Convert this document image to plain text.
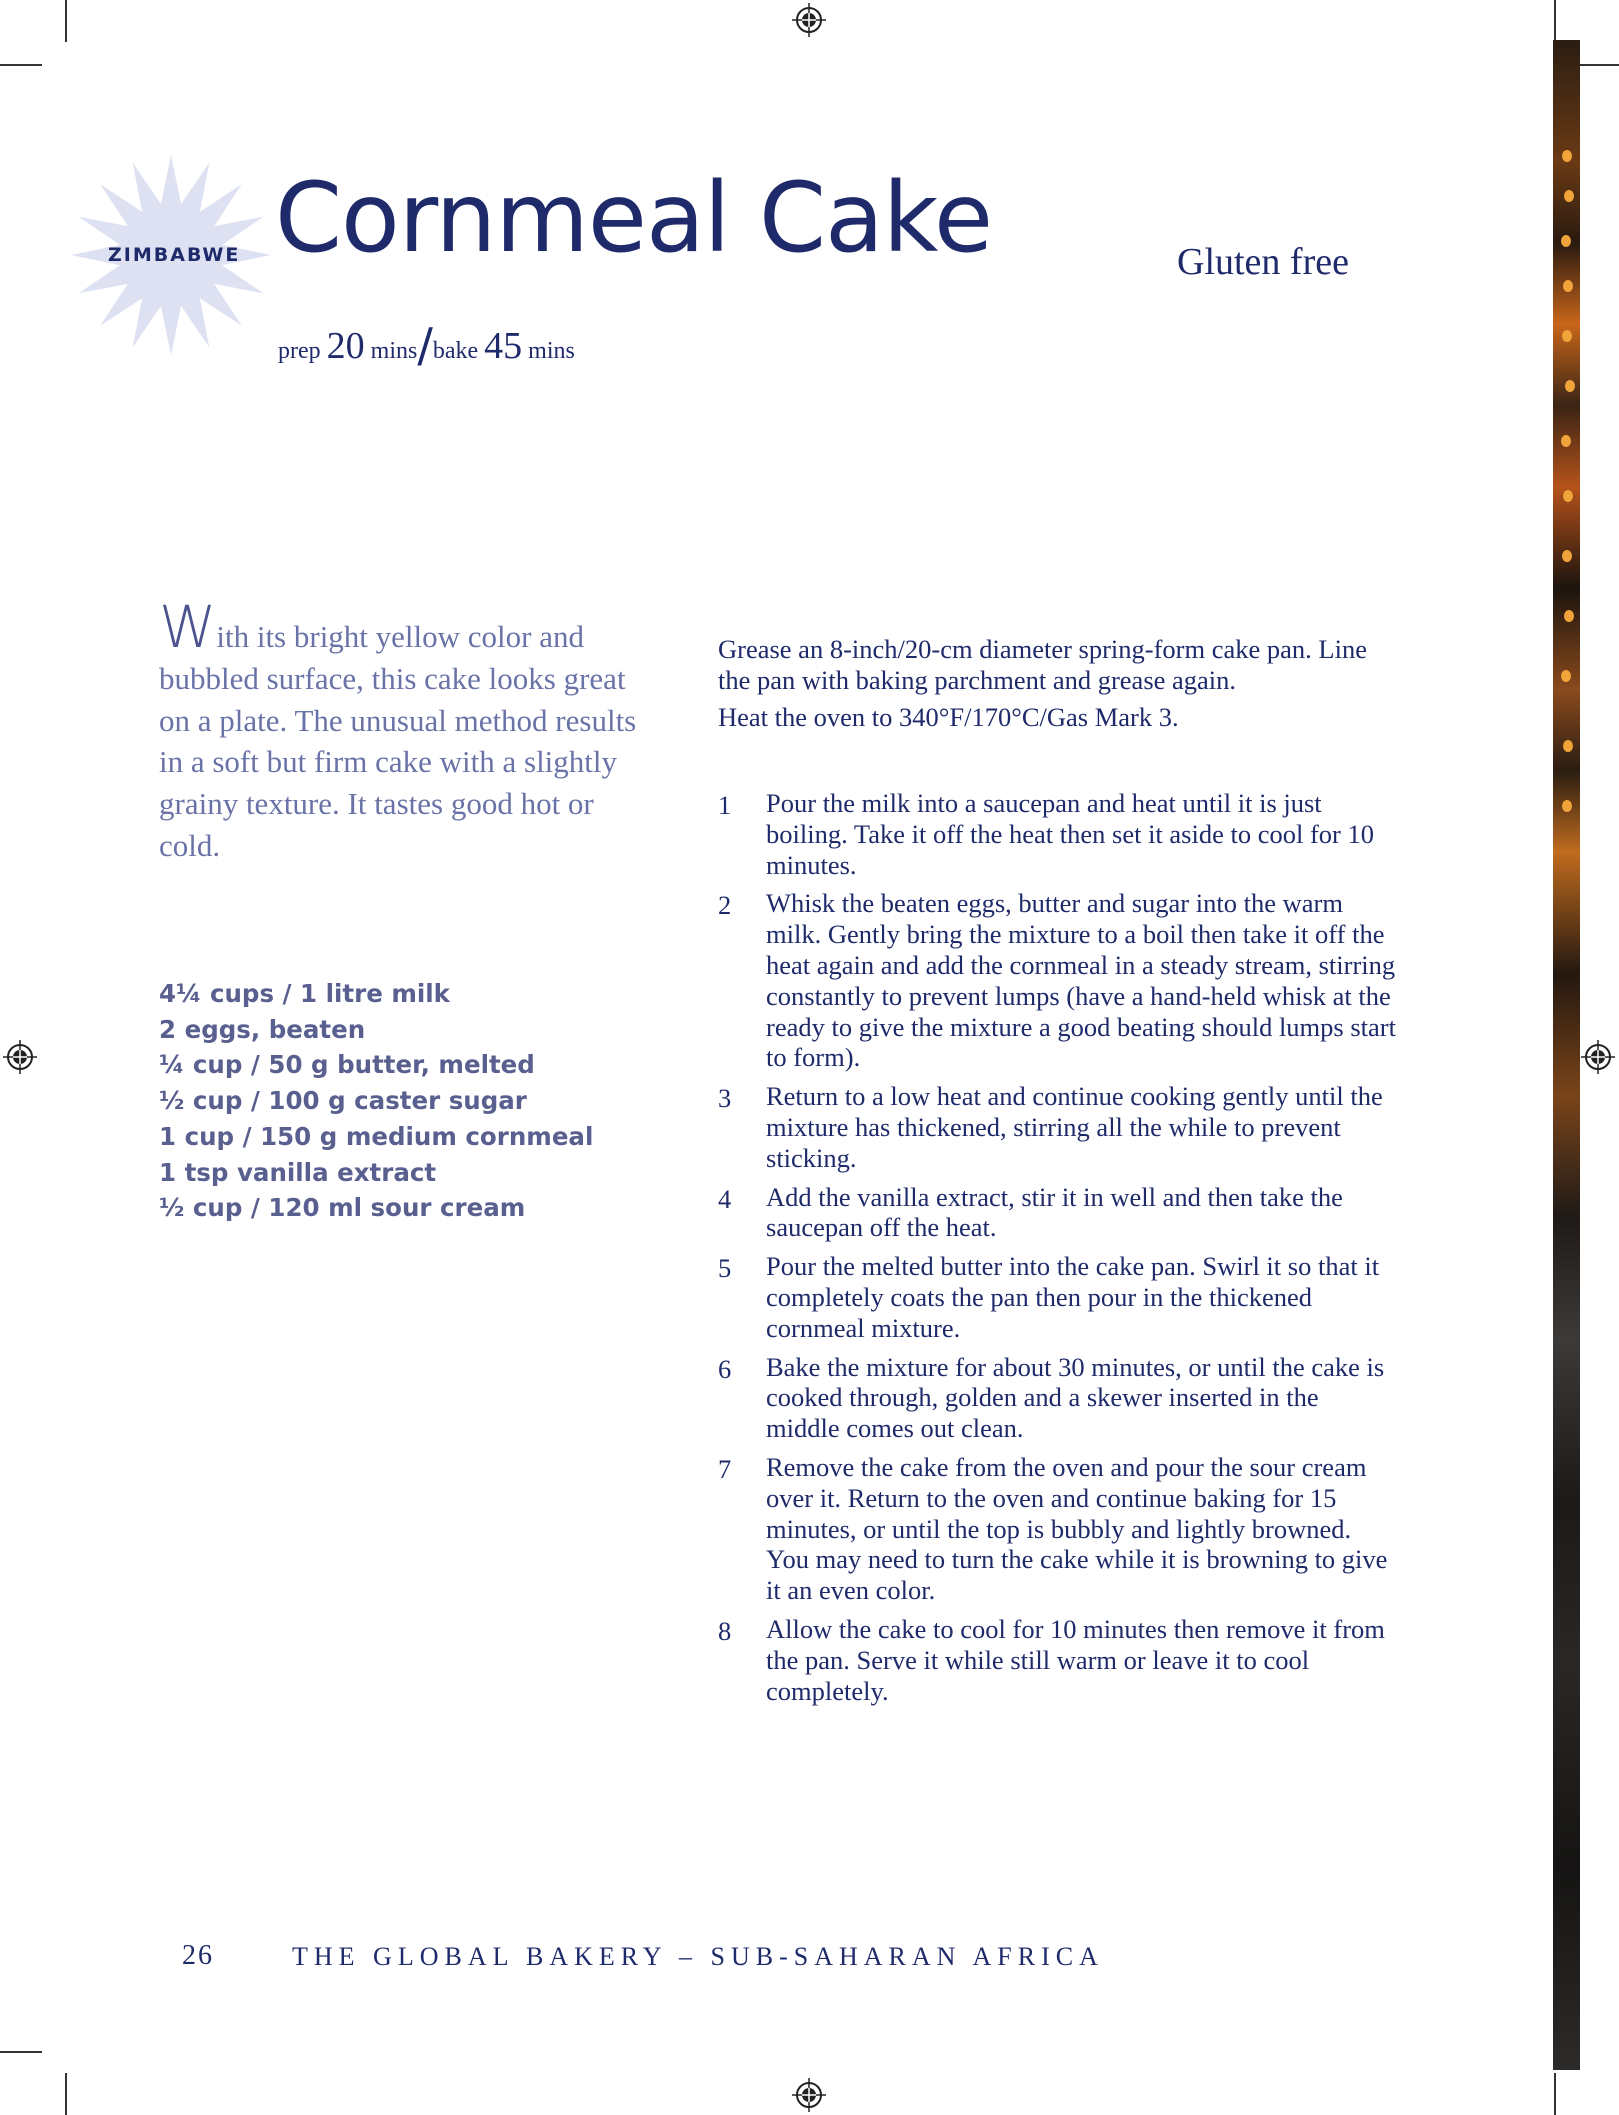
ZIMBABWE Cornmeal Cake	Gluten free
prep 20 mins/bake 45 mins
With its bright yellow color and bubbled surface, this cake looks great on a plate. The unusual method results in a soft but firm cake with a slightly grainy texture. It tastes good hot or cold.
4¼ cups / 1 litre milk
2 eggs, beaten
¼ cup / 50 g butter, melted
½ cup / 100 g caster sugar
1 cup / 150 g medium cornmeal
1 tsp vanilla extract
½ cup / 120 ml sour cream

Grease an 8-inch/20-cm diameter spring-form cake pan. Line the pan with baking parchment and grease again.

Heat the oven to 340°F/170°C/Gas Mark 3.

1 Pour the milk into a saucepan and heat until it is just boiling. Take it off the heat then set it aside to cool for 10 minutes.
2 Whisk the beaten eggs, butter and sugar into the warm milk. Gently bring the mixture to a boil then take it off the heat again and add the cornmeal in a steady stream, stirring constantly to prevent lumps (have a hand-held whisk at the ready to give the mixture a good beating should lumps start to form).
3 Return to a low heat and continue cooking gently until the mixture has thickened, stirring all the while to prevent sticking.
4 Add the vanilla extract, stir it in well and then take the saucepan off the heat.
5 Pour the melted butter into the cake pan. Swirl it so that it completely coats the pan then pour in the thickened cornmeal mixture.
6 Bake the mixture for about 30 minutes, or until the cake is cooked through, golden and a skewer inserted in the middle comes out clean.
7 Remove the cake from the oven and pour the sour cream over it. Return to the oven and continue baking for 15 minutes, or until the top is bubbly and lightly browned. You may need to turn the cake while it is browning to give it an even color.
8 Allow the cake to cool for 10 minutes then remove it from the pan. Serve it while still warm or leave it to cool completely.
26	THE GLOBAL BAKERY – SUB-SAHARAN AFRICA
